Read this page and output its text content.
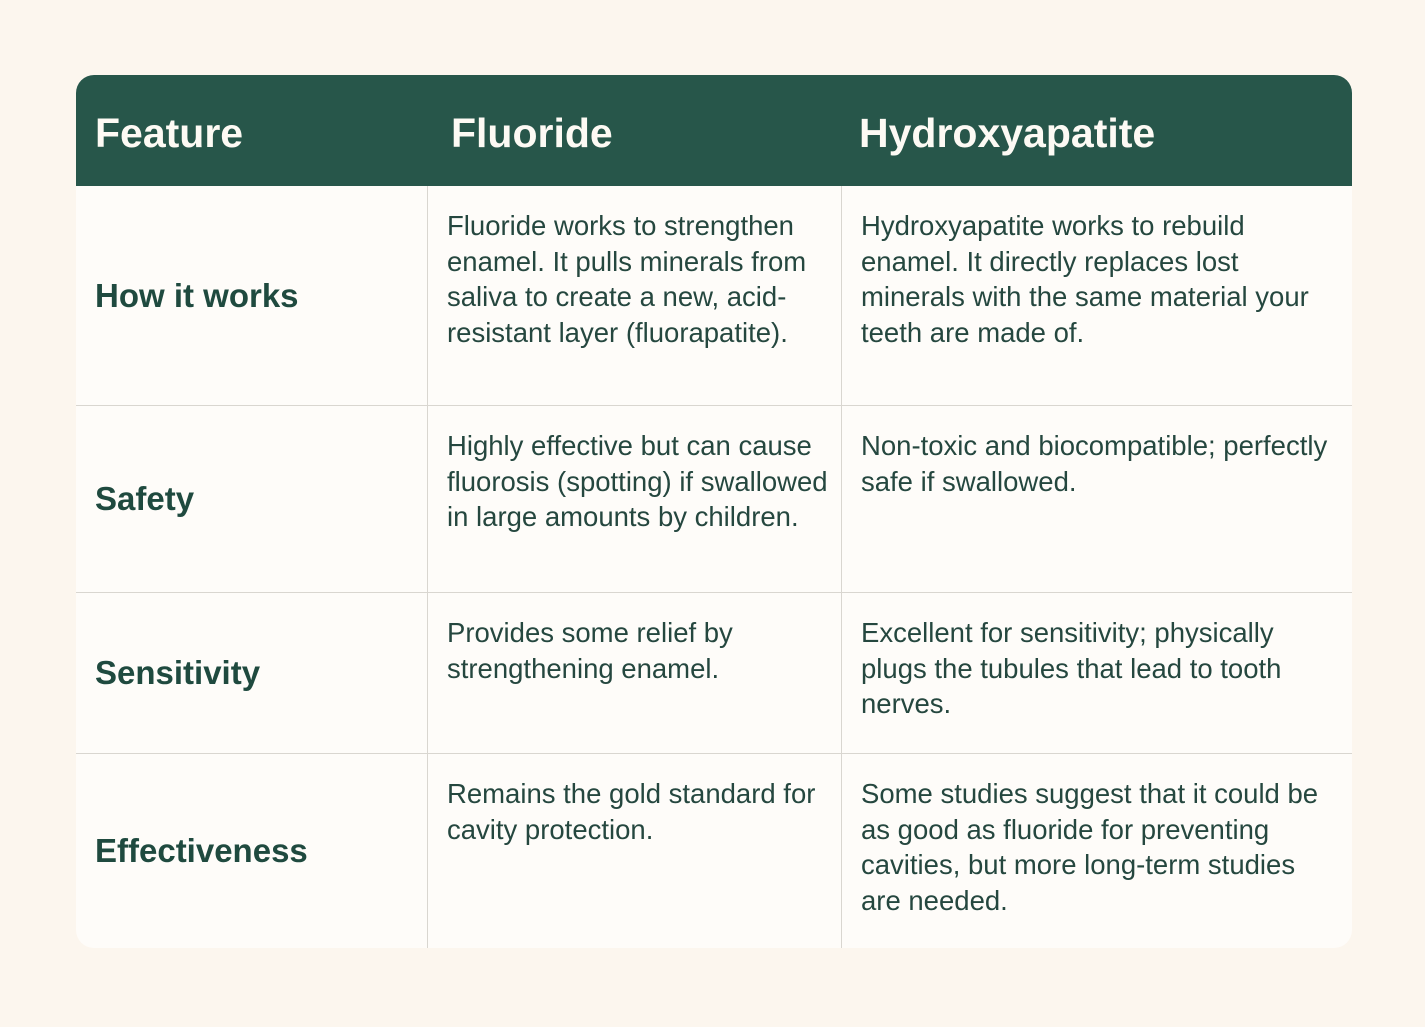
Feature	Fluoride	Hydroxyapatite
How it works
Fluoride works to strengthen enamel. It pulls minerals from saliva to create a new, acid-resistant layer (fluorapatite).
Hydroxyapatite works to rebuild enamel. It directly replaces lost minerals with the same material your teeth are made of.
Safety
Highly effective but can cause fluorosis (spotting) if swallowed in large amounts by children.
Non-toxic and biocompatible; perfectly safe if swallowed.
Sensitivity
Provides some relief by strengthening enamel.
Excellent for sensitivity; physically plugs the tubules that lead to tooth nerves.
Effectiveness
Remains the gold standard for cavity protection.
Some studies suggest that it could be as good as fluoride for preventing cavities, but more long-term studies are needed.
